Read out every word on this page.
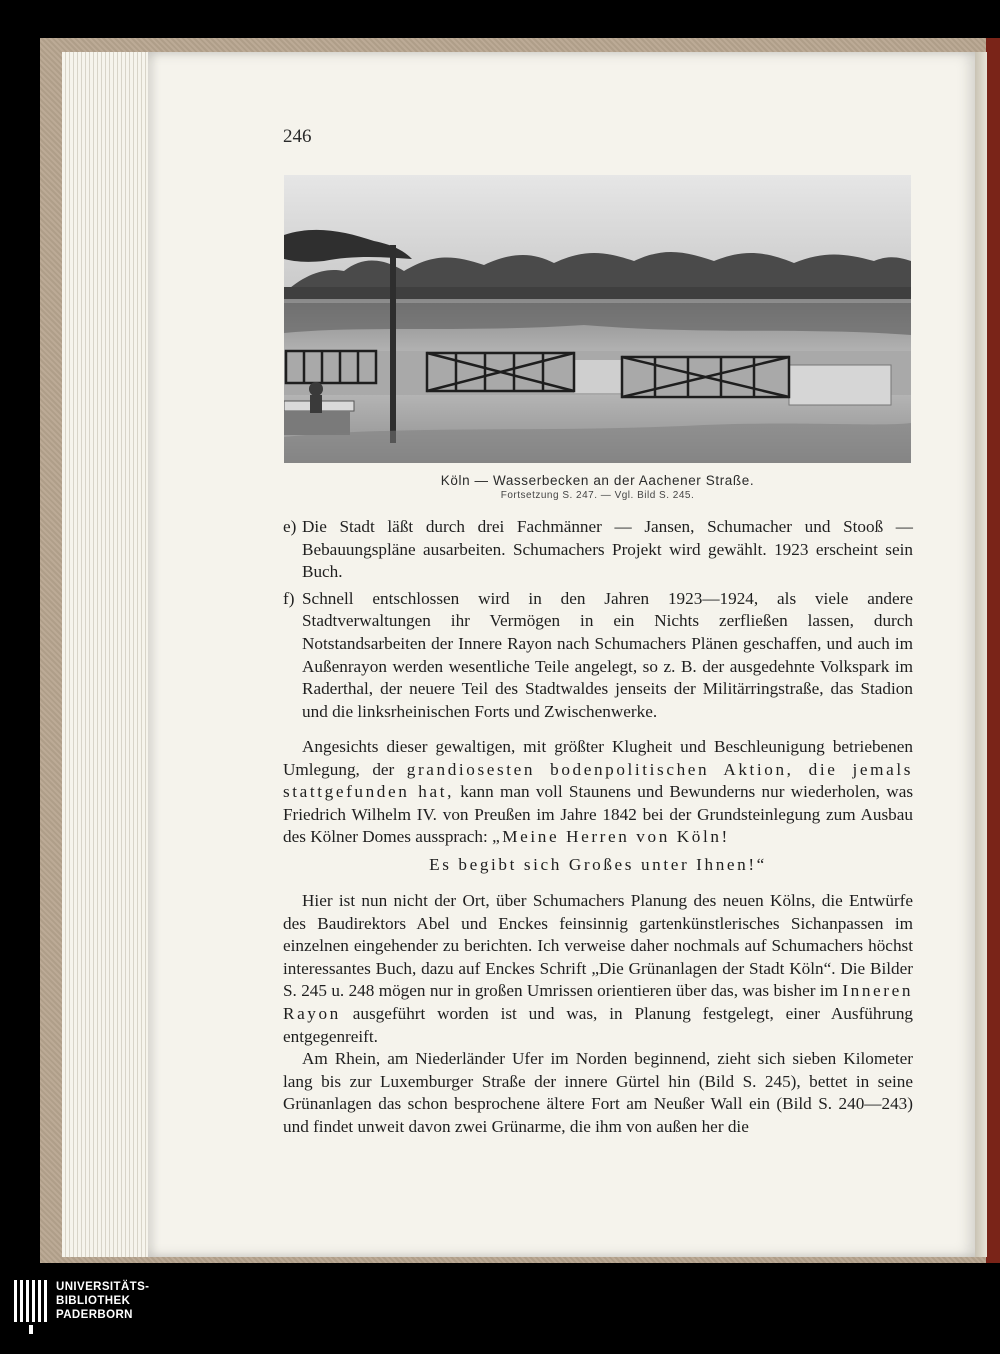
246
Köln — Wasserbecken an der Aachener Straße.
Fortsetzung S. 247. — Vgl. Bild S. 245.
e) Die Stadt läßt durch drei Fachmänner — Jansen, Schumacher und Stooß — Bebauungspläne ausarbeiten. Schumachers Projekt wird gewählt. 1923 erscheint sein Buch.

f) Schnell entschlossen wird in den Jahren 1923—1924, als viele andere Stadtverwaltungen ihr Vermögen in ein Nichts zerfließen lassen, durch Notstandsarbeiten der Innere Rayon nach Schumachers Plänen geschaffen, und auch im Außenrayon werden wesentliche Teile angelegt, so z. B. der ausgedehnte Volkspark im Raderthal, der neuere Teil des Stadtwaldes jenseits der Militärringstraße, das Stadion und die linksrheinischen Forts und Zwischenwerke.

Angesichts dieser gewaltigen, mit größter Klugheit und Beschleunigung betriebenen Umlegung, der grandiosesten bodenpolitischen Aktion, die jemals stattgefunden hat, kann man voll Staunens und Bewunderns nur wiederholen, was Friedrich Wilhelm IV. von Preußen im Jahre 1842 bei der Grundsteinlegung zum Ausbau des Kölner Domes aussprach: „Meine Herren von Köln!

Es begibt sich Großes unter Ihnen!“

Hier ist nun nicht der Ort, über Schumachers Planung des neuen Kölns, die Entwürfe des Baudirektors Abel und Enckes feinsinnig gartenkünstlerisches Sichanpassen im einzelnen eingehender zu berichten. Ich verweise daher nochmals auf Schumachers höchst interessantes Buch, dazu auf Enckes Schrift „Die Grünanlagen der Stadt Köln“. Die Bilder S. 245 u. 248 mögen nur in großen Umrissen orientieren über das, was bisher im Inneren Rayon ausgeführt worden ist und was, in Planung festgelegt, einer Ausführung entgegenreift.

Am Rhein, am Niederländer Ufer im Norden beginnend, zieht sich sieben Kilometer lang bis zur Luxemburger Straße der innere Gürtel hin (Bild S. 245), bettet in seine Grünanlagen das schon besprochene ältere Fort am Neußer Wall ein (Bild S. 240—243) und findet unweit davon zwei Grünarme, die ihm von außen her die

UNIVERSITÄTS-
BIBLIOTHEK
PADERBORN
